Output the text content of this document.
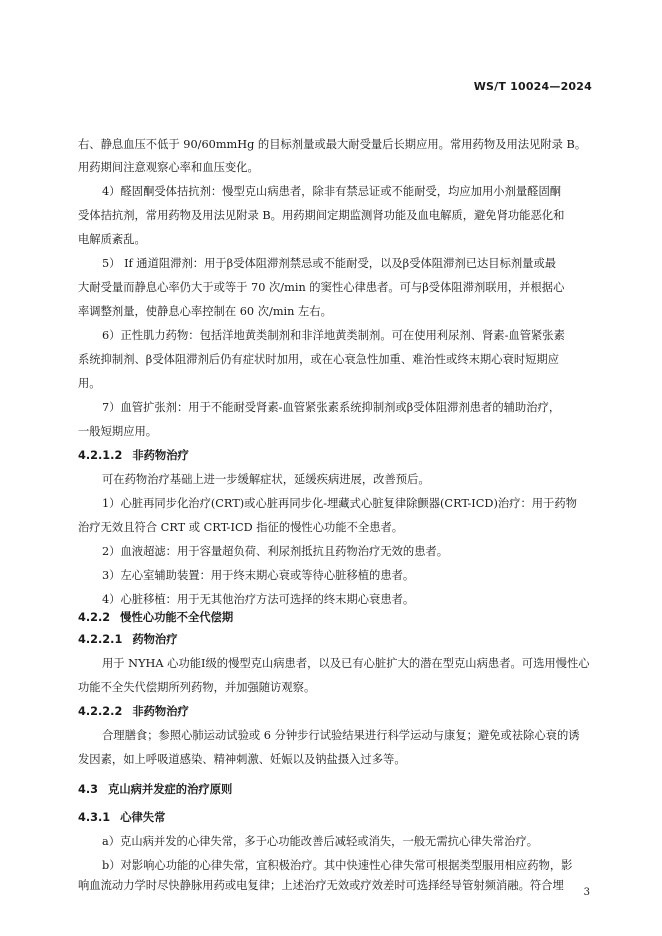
WS/T 10024—2024
右、静息血压不低于 90/60mmHg 的目标剂量或最大耐受量后长期应用。常用药物及用法见附录 B。
用药期间注意观察心率和血压变化。
4）醛固酮受体拮抗剂：慢型克山病患者，除非有禁忌证或不能耐受，均应加用小剂量醛固酮
受体拮抗剂，常用药物及用法见附录 B。用药期间定期监测肾功能及血电解质，避免肾功能恶化和
电解质紊乱。
5） If 通道阻滞剂：用于β受体阻滞剂禁忌或不能耐受，以及β受体阻滞剂已达目标剂量或最
大耐受量而静息心率仍大于或等于 70 次/min 的窦性心律患者。可与β受体阻滞剂联用，并根据心
率调整剂量，使静息心率控制在 60 次/min 左右。
6）正性肌力药物：包括洋地黄类制剂和非洋地黄类制剂。可在使用利尿剂、肾素-血管紧张素
系统抑制剂、β受体阻滞剂后仍有症状时加用，或在心衰急性加重、难治性或终末期心衰时短期应
用。
7）血管扩张剂：用于不能耐受肾素-血管紧张素系统抑制剂或β受体阻滞剂患者的辅助治疗，
一般短期应用。
4.2.1.2 非药物治疗
可在药物治疗基础上进一步缓解症状，延缓疾病进展，改善预后。
1）心脏再同步化治疗(CRT)或心脏再同步化-埋藏式心脏复律除颤器(CRT-ICD)治疗：用于药物
治疗无效且符合 CRT 或 CRT-ICD 指征的慢性心功能不全患者。
2）血液超滤：用于容量超负荷、利尿剂抵抗且药物治疗无效的患者。
3）左心室辅助装置：用于终末期心衰或等待心脏移植的患者。
4）心脏移植：用于无其他治疗方法可选择的终末期心衰患者。
4.2.2 慢性心功能不全代偿期
4.2.2.1 药物治疗
用于 NYHA 心功能Ⅰ级的慢型克山病患者，以及已有心脏扩大的潜在型克山病患者。可选用慢性心
功能不全失代偿期所列药物，并加强随访观察。
4.2.2.2 非药物治疗
合理膳食；参照心肺运动试验或 6 分钟步行试验结果进行科学运动与康复；避免或祛除心衰的诱
发因素，如上呼吸道感染、精神刺激、妊娠以及钠盐摄入过多等。
4.3 克山病并发症的治疗原则
4.3.1 心律失常
a）克山病并发的心律失常，多于心功能改善后减轻或消失，一般无需抗心律失常治疗。
b）对影响心功能的心律失常，宜积极治疗。其中快速性心律失常可根据类型服用相应药物，影
响血流动力学时尽快静脉用药或电复律；上述治疗无效或疗效差时可选择经导管射频消融。符合埋
3
